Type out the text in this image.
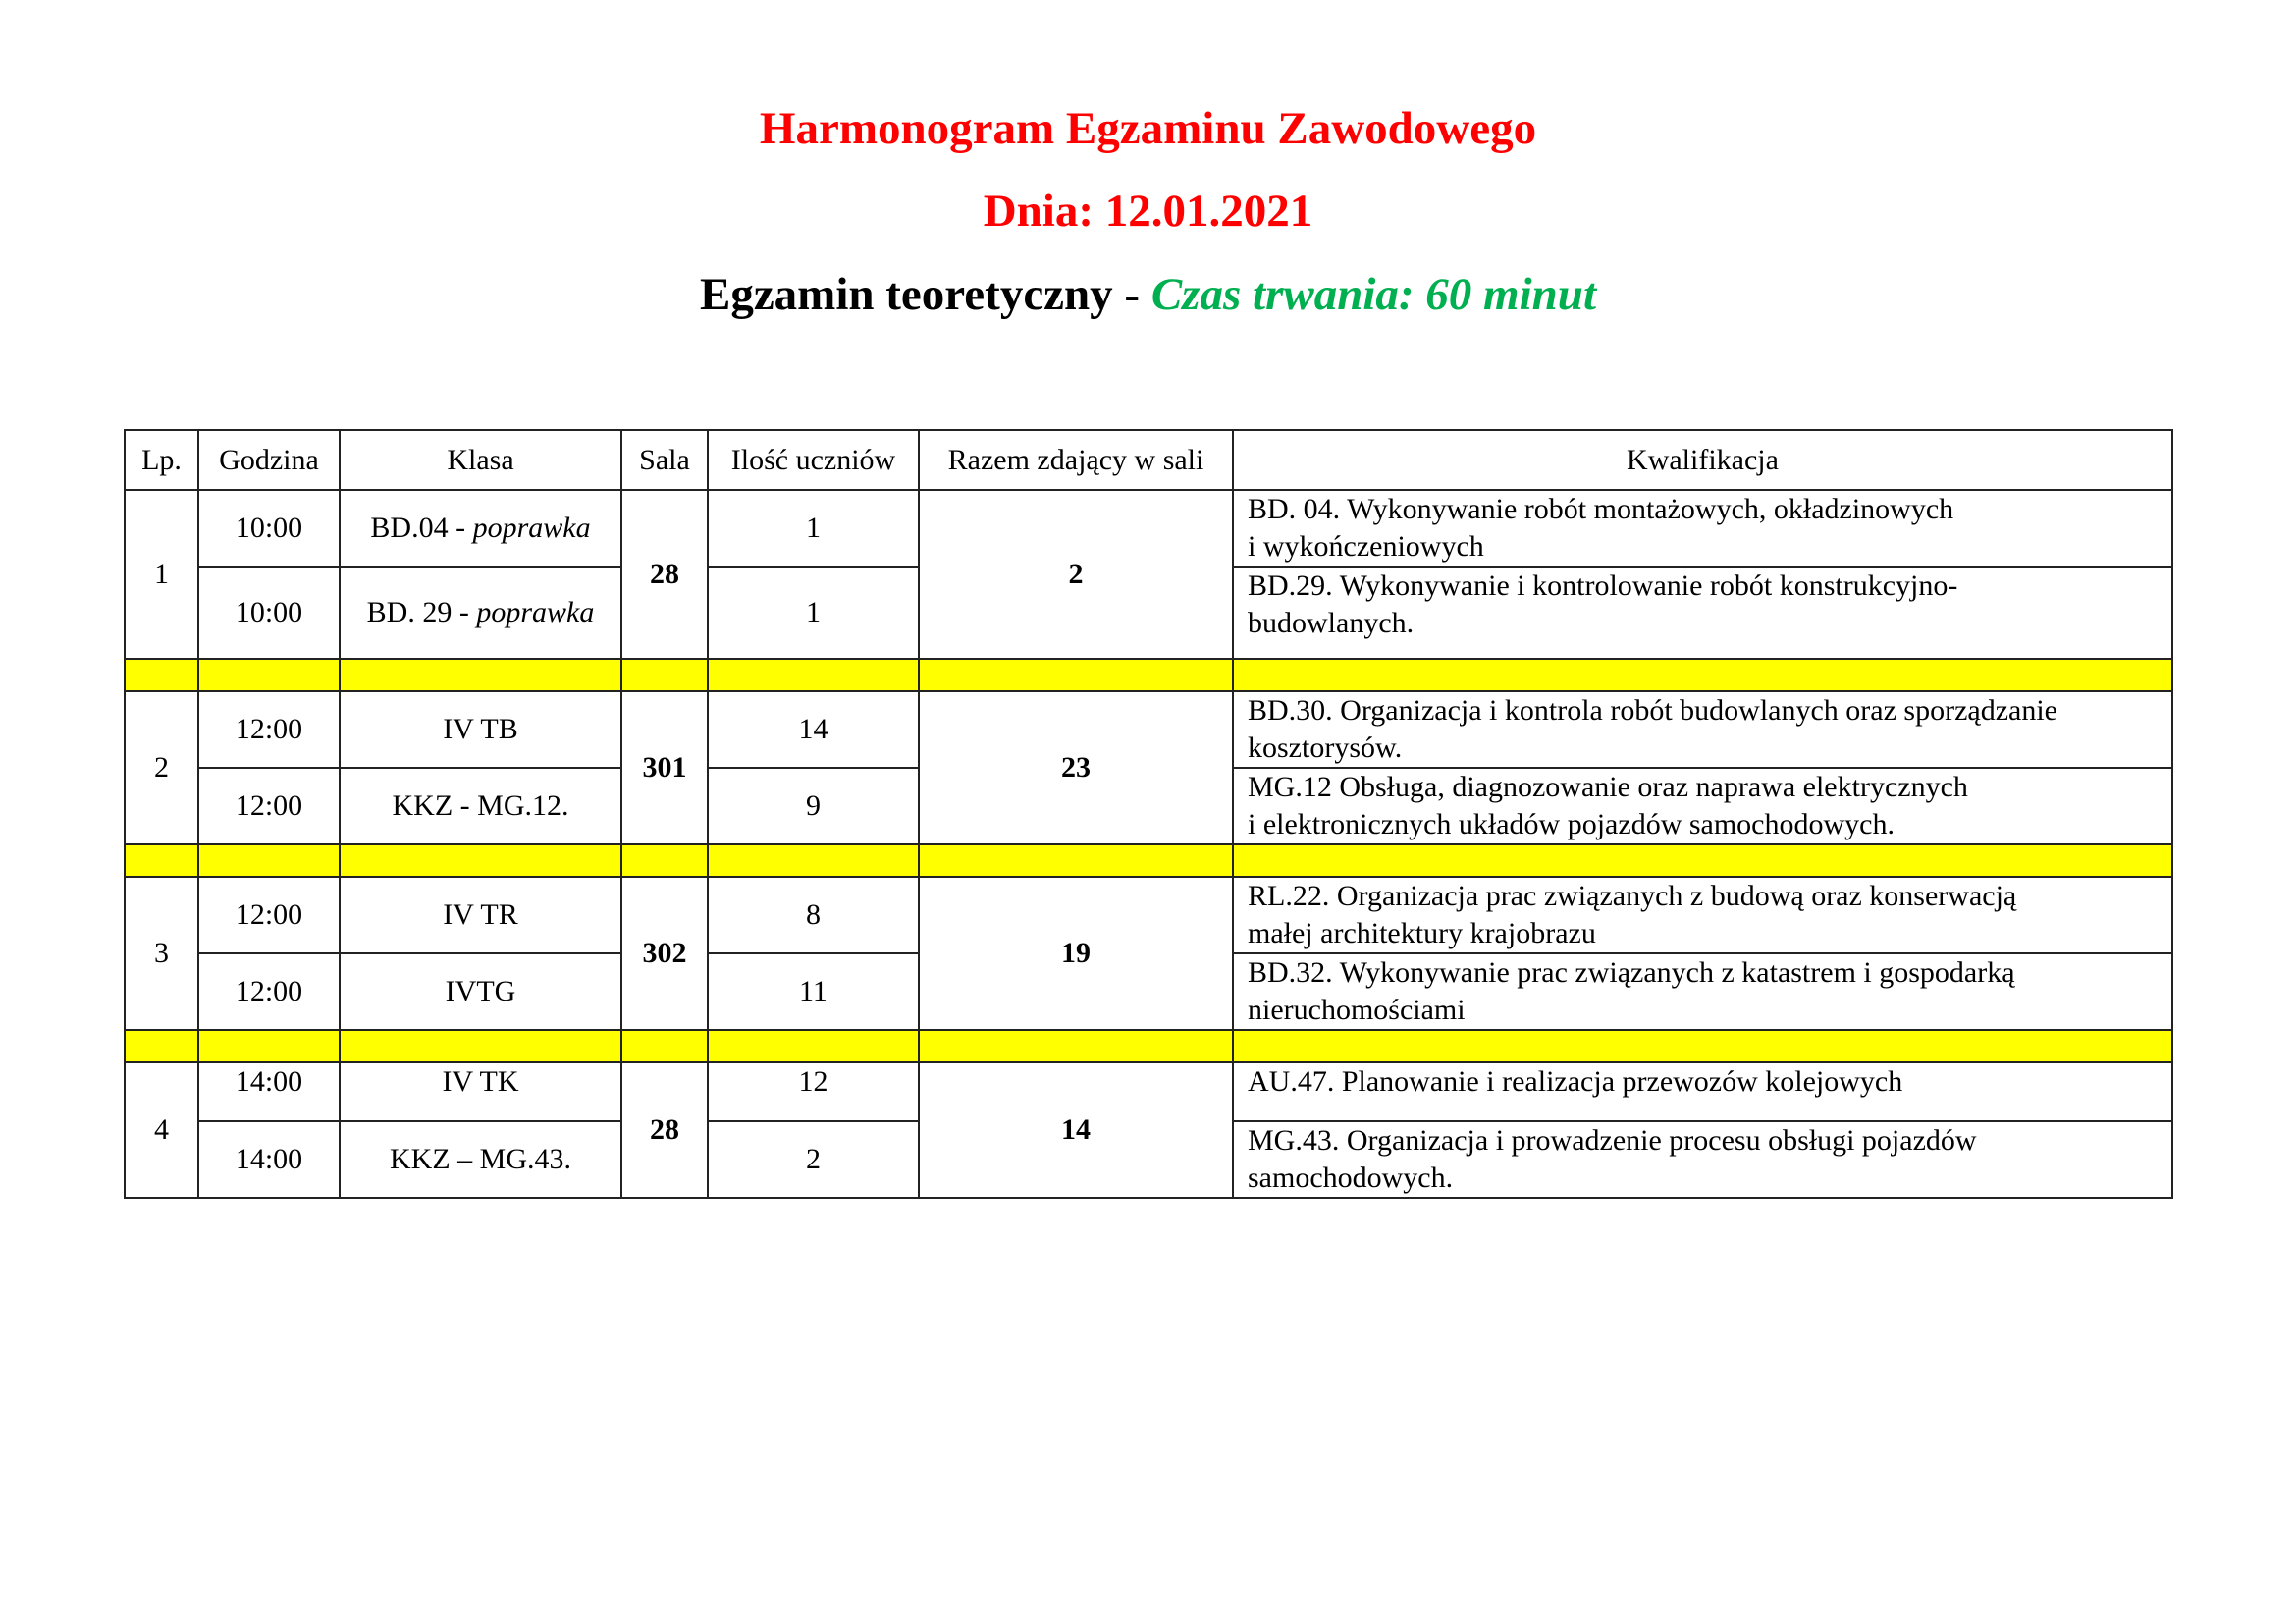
Harmonogram Egzaminu Zawodowego
Dnia: 12.01.2021
Egzamin teoretyczny - Czas trwania: 60 minut
Lp.	Godzina	Klasa	Sala	Ilość uczniów	Razem zdający w sali	Kwalifikacja
1	10:00	BD.04 - poprawka	28	1	2	BD. 04. Wykonywanie robót montażowych, okładzinowych
i wykończeniowych

	10:00	BD. 29 - poprawka		1		BD.29. Wykonywanie i kontrolowanie robót konstrukcyjno-
budowlanych.

2	12:00	IV TB	301	14	23	BD.30. Organizacja i kontrola robót budowlanych oraz sporządzanie
kosztorysów.

	12:00	KKZ - MG.12.		9		MG.12 Obsługa, diagnozowanie oraz naprawa elektrycznych
i elektronicznych układów pojazdów samochodowych.

3	12:00	IV TR	302	8	19	RL.22. Organizacja prac związanych z budową oraz konserwacją
małej architektury krajobrazu

	12:00	IVTG		11		BD.32. Wykonywanie prac związanych z katastrem i gospodarką
nieruchomościami

4	14:00	IV TK	28	12	14	AU.47. Planowanie i realizacja przewozów kolejowych

	14:00	KKZ – MG.43.		2		MG.43. Organizacja i prowadzenie procesu obsługi pojazdów
samochodowych.
